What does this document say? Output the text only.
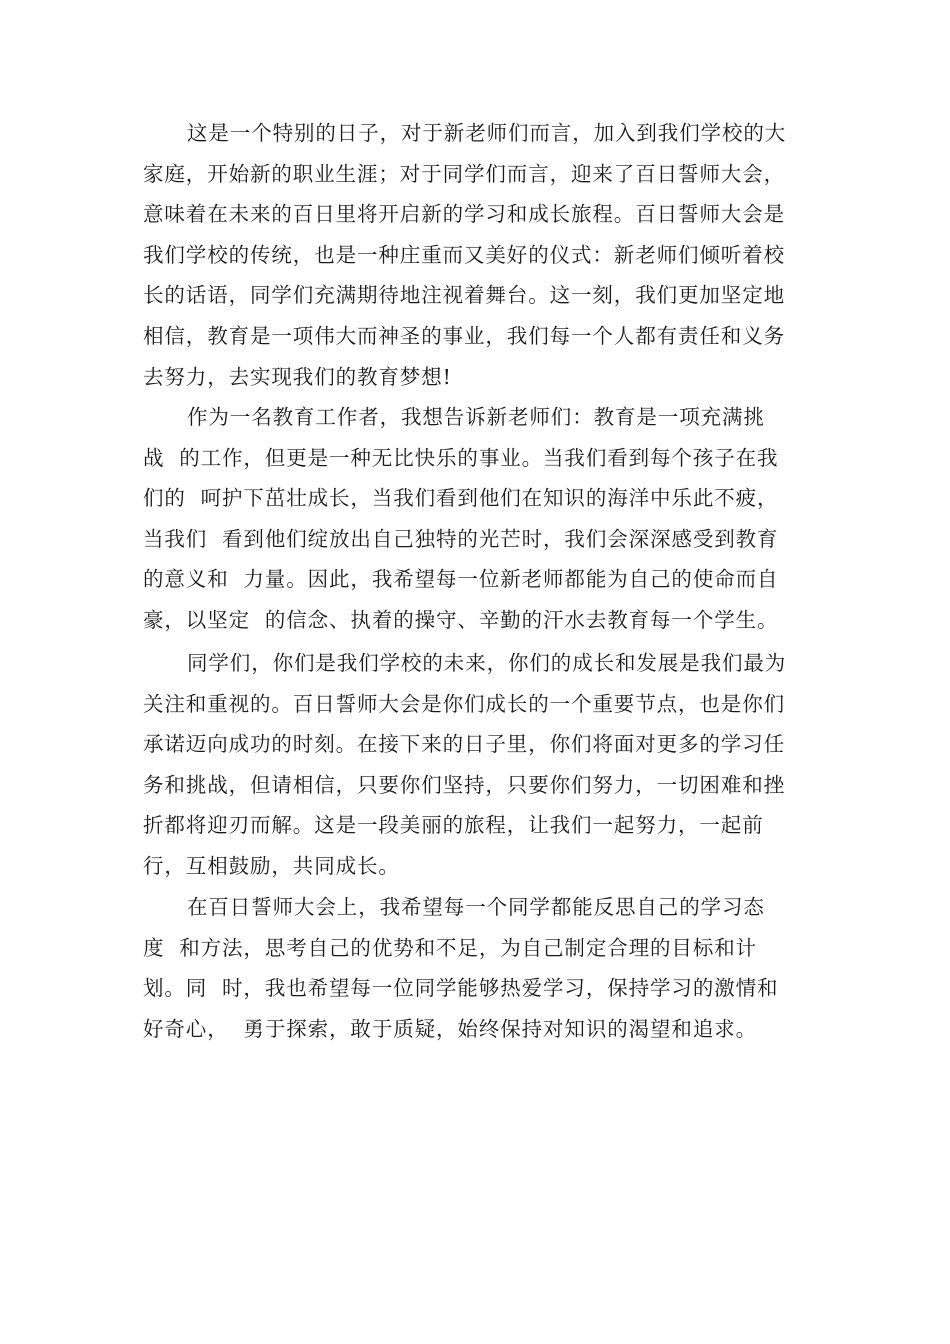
这是一个特别的日子，对于新老师们而言，加入到我们学校的大
家庭，开始新的职业生涯；对于同学们而言，迎来了百日誓师大会，
意味着在未来的百日里将开启新的学习和成长旅程。百日誓师大会是
我们学校的传统，也是一种庄重而又美好的仪式：新老师们倾听着校
长的话语，同学们充满期待地注视着舞台。这一刻，我们更加坚定地
相信，教育是一项伟大而神圣的事业，我们每一个人都有责任和义务
去努力，去实现我们的教育梦想!
作为一名教育工作者，我想告诉新老师们：教育是一项充满挑
战  的工作，但更是一种无比快乐的事业。当我们看到每个孩子在我
们的  呵护下茁壮成长，当我们看到他们在知识的海洋中乐此不疲，
当我们  看到他们绽放出自己独特的光芒时，我们会深深感受到教育
的意义和  力量。因此，我希望每一位新老师都能为自己的使命而自
豪，以坚定  的信念、执着的操守、辛勤的汗水去教育每一个学生。
同学们，你们是我们学校的未来，你们的成长和发展是我们最为
关注和重视的。百日誓师大会是你们成长的一个重要节点，也是你们
承诺迈向成功的时刻。在接下来的日子里，你们将面对更多的学习任
务和挑战，但请相信，只要你们坚持，只要你们努力，一切困难和挫
折都将迎刃而解。这是一段美丽的旅程，让我们一起努力，一起前
行，互相鼓励，共同成长。
在百日誓师大会上，我希望每一个同学都能反思自己的学习态
度  和方法，思考自己的优势和不足，为自己制定合理的目标和计
划。同  时，我也希望每一位同学能够热爱学习，保持学习的激情和
好奇心，  勇于探索，敢于质疑，始终保持对知识的渴望和追求。
